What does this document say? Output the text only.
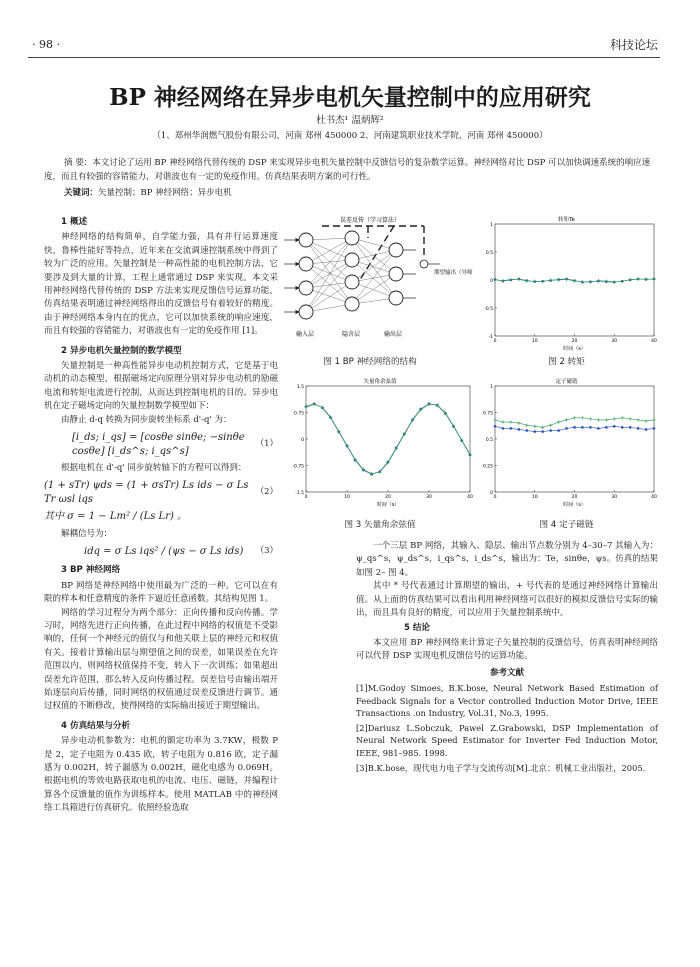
· 98 ·	科技论坛
BP 神经网络在异步电机矢量控制中的应用研究
杜书杰¹ 温炳辉²
（1、郑州华润燃气股份有限公司，河南 郑州 450000 2、河南建筑职业技术学院，河南 郑州 450000）

摘 要：本文讨论了运用 BP 神经网络代替传统的 DSP 来实现异步电机矢量控制中反馈信号的复杂数学运算。神经网络对比 DSP 可以加快调速系统的响应速度，而且有较强的容错能力，对谐波也有一定的免疫作用。仿真结果表明方案的可行性。

关键词：矢量控制；BP 神经网络；异步电机
1 概述

神经网络的结构简单，自学能力强，具有并行运算速度快，鲁棒性能好等特点，近年来在交流调速控制系统中得到了较为广泛的应用。矢量控制是一种高性能的电机控制方法，它要涉及到大量的计算，工程上通常通过 DSP 来实现。本文采用神经网络代替传统的 DSP 方法来实现反馈信号运算功能，仿真结果表明通过神经网络得出的反馈信号有着较好的精度。由于神经网络本身内在的优点，它可以加快系统的响应速度，而且有较强的容错能力，对谐波也有一定的免疫作用 [1]。

2 异步电机矢量控制的数学模型

矢量控制是一种高性能异步电动机控制方式，它是基于电动机的动态模型，根据磁场定向原理分别对异步电动机的励磁电流和转矩电流进行控制，从而达到控制电机的目的。异步电机在定子磁场定向的矢量控制数学模型如下：

由静止 d-q 转换为同步旋转坐标系 d'-q' 为：

[i_ds; i_qs] = [cosθe sinθe; −sinθe cosθe] [i_ds^s; i_qs^s]
（1）

根据电机在 d'-q' 同步旋转轴下的方程可以得到：

(1 + sTr) ψds = (1 + σsTr) Ls ids − σ Ls Tr ωsl iqs
（2）
其中 σ = 1 − Lm² / (Ls Lr) 。

解耦信号为：

idq = σ Ls iqs² / (ψs − σ Ls ids) （3）
3 BP 神经网络

BP 网络是神经网络中使用最为广泛的一种。它可以在有限的样本和任意精度的条件下逼近任意函数。其结构见图 1。

网络的学习过程分为两个部分：正向传播和反向传播。学习时，网络先进行正向传播，在此过程中网络的权值是不受影响的，任何一个神经元的值仅与和他关联上层的神经元和权值有关。接着计算输出层与期望值之间的误差，如果误差在允许范围以内，则网络权值保持不变，转入下一次训练；如果超出误差允许范围，那么转入反向传播过程。误差信号由输出端开始逐层向后传播，同时网络的权值通过误差反馈进行调节。通过权值的不断修改，使得网络的实际输出接近于期望输出。

4 仿真结果与分析

异步电动机参数为：电机的额定功率为 3.7KW，极数 P 是 2，定子电阻为 0.435 欧，转子电阻为 0.816 欧，定子漏感为 0.002H，转子漏感为 0.002H，磁化电感为 0.069H。根据电机的等效电路获取电机的电流、电压、磁链，并编程计算各个反馈量的值作为训练样本。使用 MATLAB 中的神经网络工具箱进行仿真研究。依照经验选取

误差反传（学习算法）
期望输出（导师信号）
输入层	隐含层	输出层
图 1 BP 神经网络的结构
转矩Te
-1
-0.5
0
0.5
1
0	10	20	30	40
时间（s）
图 2 转矩
矢量角余弦值
-1.5
-0.75
0
0.75
1.5
0	10	20	30	40
时间（s）
图 3 矢量角余弦值
定子磁链
0
0.25
0.5
0.75
1
0	10	20	30	40
时间（s）
图 4 定子磁链

一个三层 BP 网络，其输入、隐层、输出节点数分别为 4–30–7 其输入为：ψ_qs^s，ψ_ds^s，i_qs^s，i_ds^s，输出为：Te，sinθe，ψs。仿真的结果如图 2– 图 4。

其中 * 号代表通过计算期望的输出，+ 号代表的是通过神经网络计算输出值。从上面的仿真结果可以看出利用神经网络可以很好的模拟反馈信号实际的输出，而且具有良好的精度，可以应用于矢量控制系统中。

5 结论

本文应用 BP 神经网络来计算定子矢量控制的反馈信号，仿真表明神经网络可以代替 DSP 实现电机反馈信号的运算功能。

参考文献

[1]M.Godoy Simoes, B.K.bose, Neural Network Based Estimation of Feedback Signals for a Vector controlled Induction Motor Drive, IEEE Transactions .on Industry, Vol.31, No.3, 1995.

[2]Dariusz L.Sobczuk, Pawel Z.Grabowski, DSP Implementation of Neural Network Speed Estimator for Inverter Fed Induction Motor, IEEE, 981–985. 1998.

[3]B.K.bose，现代电力电子学与交流传动[M].北京：机械工业出版社，2005.
